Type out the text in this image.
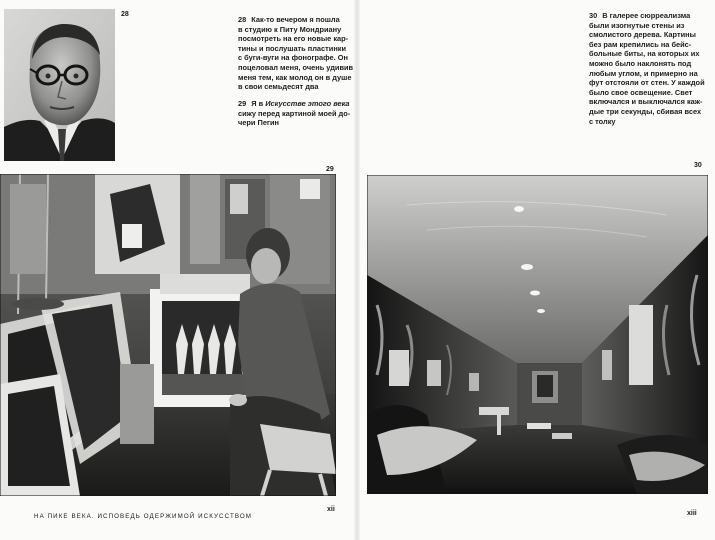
28
28 Как-то вечером я пошла
в студию к Питу Мондриану
посмотреть на его новые кар-
тины и послушать пластинки
с буги-вуги на фонографе. Он
поцеловал меня, очень удивив
меня тем, как молод он в душе
в свои семьдесят два
29 Я в Искусстве этого века
сижу перед картиной моей до-
чери Пегин
29
НА ПИКЕ ВЕКА. ИСПОВЕДЬ ОДЕРЖИМОЙ ИСКУССТВОМ
xii
30 В галерее сюрреализма
были изогнутые стены из
смолистого дерева. Картины
без рам крепились на бейс-
больные биты, на которых их
можно было наклонять под
любым углом, и примерно на
фут отстояли от стен. У каждой
было свое освещение. Свет
включался и выключался каж-
дые три секунды, сбивая всех
с толку
30
xiii
